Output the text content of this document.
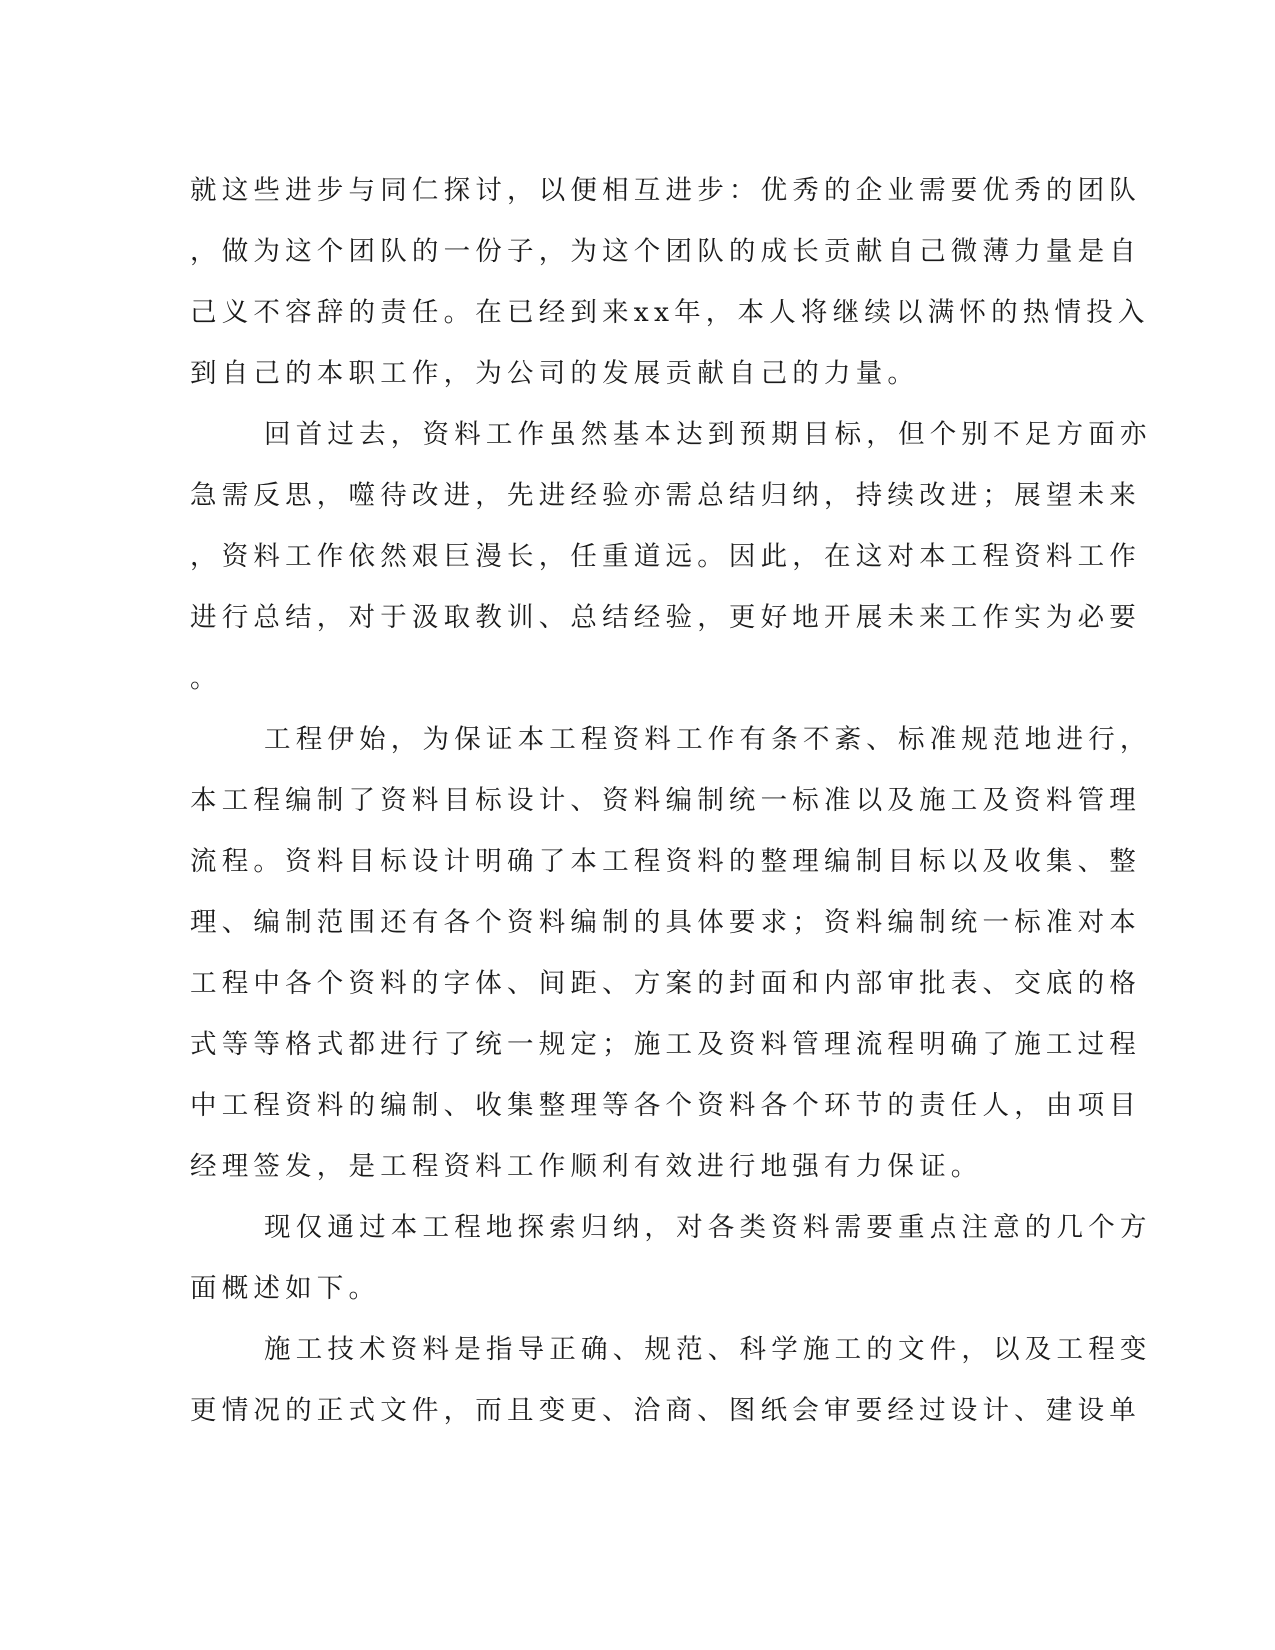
就这些进步与同仁探讨，以便相互进步：优秀的企业需要优秀的团队
，做为这个团队的一份子，为这个团队的成长贡献自己微薄力量是自
己义不容辞的责任。在已经到来xx年，本人将继续以满怀的热情投入
到自己的本职工作，为公司的发展贡献自己的力量。
回首过去，资料工作虽然基本达到预期目标，但个别不足方面亦
急需反思，噬待改进，先进经验亦需总结归纳，持续改进；展望未来
，资料工作依然艰巨漫长，任重道远。因此，在这对本工程资料工作
进行总结，对于汲取教训、总结经验，更好地开展未来工作实为必要
。
工程伊始，为保证本工程资料工作有条不紊、标准规范地进行，
本工程编制了资料目标设计、资料编制统一标准以及施工及资料管理
流程。资料目标设计明确了本工程资料的整理编制目标以及收集、整
理、编制范围还有各个资料编制的具体要求；资料编制统一标准对本
工程中各个资料的字体、间距、方案的封面和内部审批表、交底的格
式等等格式都进行了统一规定；施工及资料管理流程明确了施工过程
中工程资料的编制、收集整理等各个资料各个环节的责任人，由项目
经理签发，是工程资料工作顺利有效进行地强有力保证。
现仅通过本工程地探索归纳，对各类资料需要重点注意的几个方
面概述如下。
施工技术资料是指导正确、规范、科学施工的文件，以及工程变
更情况的正式文件，而且变更、洽商、图纸会审要经过设计、建设单
